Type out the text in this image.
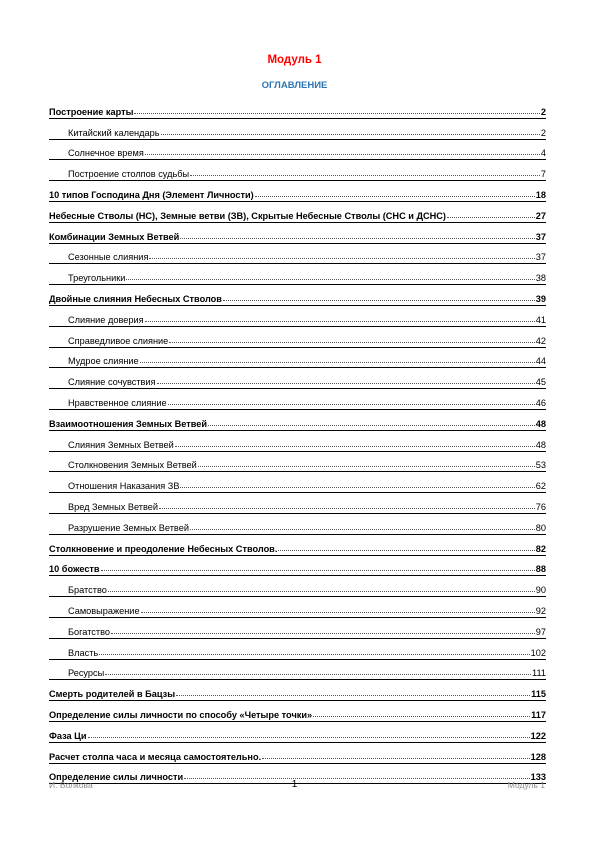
Модуль 1
ОГЛАВЛЕНИЕ
Построение карты	2
Китайский календарь	2
Солнечное время	4
Построение столпов судьбы	7
10 типов Господина Дня (Элемент Личности)	18
Небесные Стволы (НС), Земные ветви (ЗВ), Скрытые Небесные Стволы (СНС и ДСНС)	27
Комбинации Земных Ветвей	37
Сезонные слияния	37
Треугольники	38
Двойные слияния Небесных Стволов	39
Слияние доверия	41
Справедливое слияние	42
Мудрое слияние	44
Слияние сочувствия	45
Нравственное слияние	46
Взаимоотношения Земных Ветвей	48
Слияния Земных Ветвей	48
Столкновения Земных Ветвей	53
Отношения Наказания ЗВ	62
Вред Земных Ветвей	76
Разрушение Земных Ветвей	80
Столкновение и преодоление Небесных Стволов.	82
10 божеств	88
Братство	90
Самовыражение	92
Богатство	97
Власть	102
Ресурсы	111
Смерть родителей в Бацзы	115
Определение силы личности по способу «Четыре точки»	117
Фаза Ци	122
Расчет столпа часа и месяца самостоятельно.	128
Определение силы личности	133
И. Волкова	1	Модуль 1
